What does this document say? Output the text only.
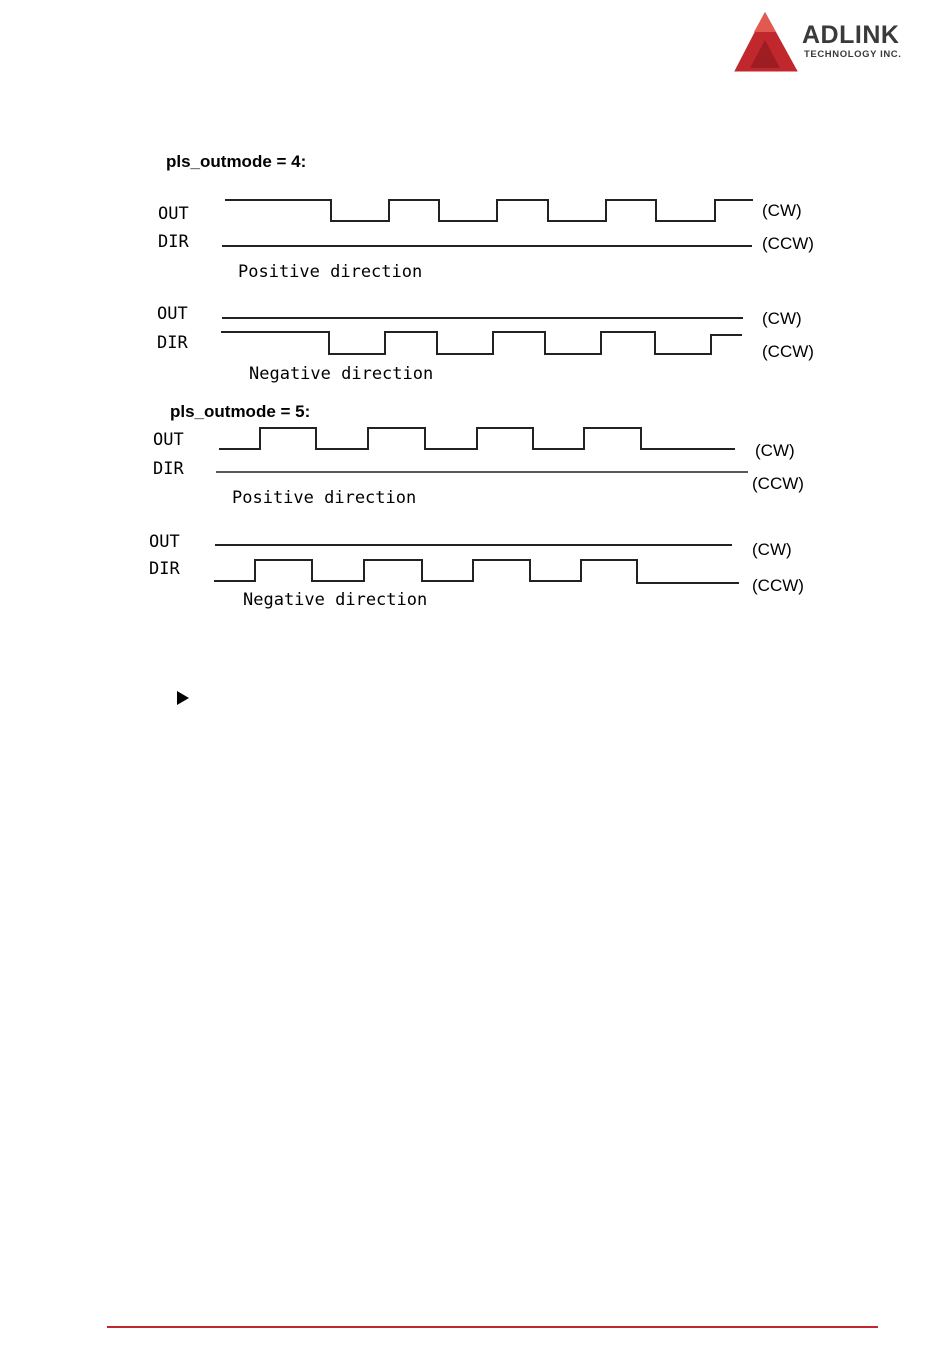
ADLINK
TECHNOLOGY INC.
pls_outmode = 4:
OUT
DIR
(CW)
(CCW)
Positive direction
OUT
DIR
(CW)
(CCW)
Negative direction
pls_outmode = 5:
OUT
DIR
(CW)
(CCW)
Positive direction
OUT
DIR
(CW)
(CCW)
Negative direction
